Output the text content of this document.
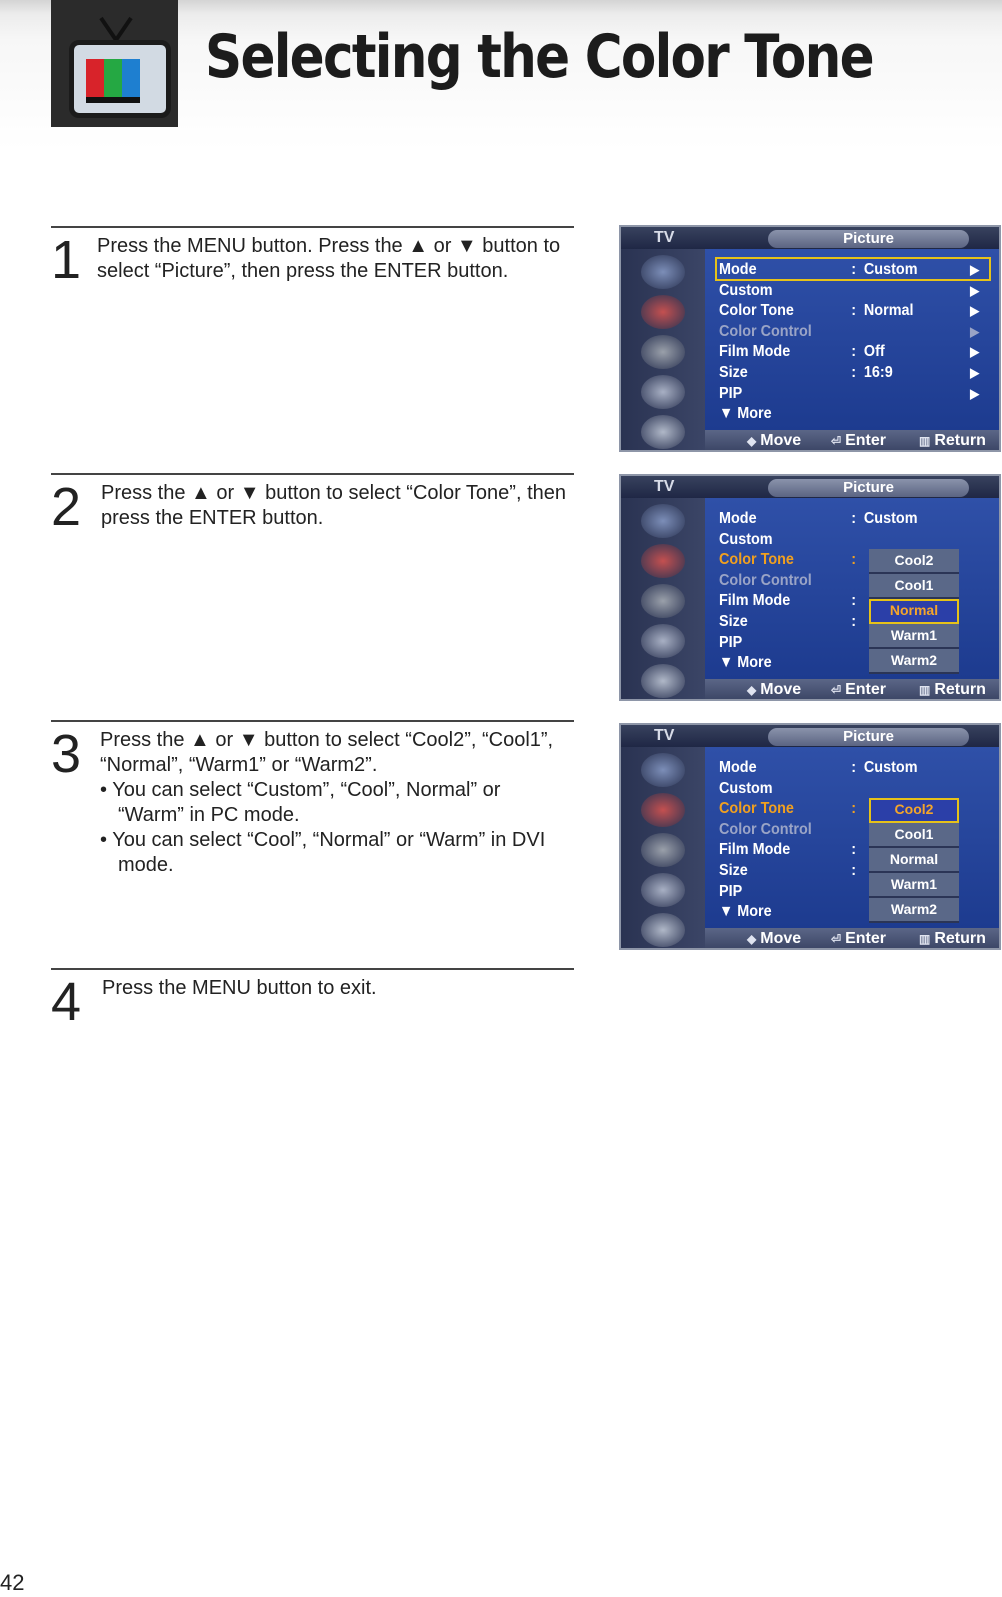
Selecting the Color Tone
1 Press the MENU button. Press the ▲ or ▼ button to

select “Picture”, then press the ENTER button.

2 Press the ▲ or ▼ button to select “Color Tone”, then

press the ENTER button.

3 Press the ▲ or ▼ button to select “Cool2”, “Cool1”,

“Normal”, “Warm1” or “Warm2”.

• You can select “Custom”, “Cool”, Normal” or “Warm” in PC mode.

• You can select “Cool”, “Normal” or “Warm” in DVI mode.

4 Press the MENU button to exit.

TV	Picture
Mode	: Custom	▶
Custom	▶
Color Tone	: Normal	▶
Color Control	▶
Film Mode	: Off	▶
Size	: 16:9	▶
PIP	▶
▼ More
◆ Move ⏎ Enter	▥ Return
TV	Picture
Mode	: Custom
Custom
Color Tone	:
Color Control
Film Mode	:
Size	:
PIP
▼ More
Cool2
Cool1
Normal
Warm1
Warm2
◆ Move ⏎ Enter	▥ Return
TV	Picture
Mode	: Custom
Custom
Color Tone	:
Color Control
Film Mode	:
Size	:
PIP
▼ More
Cool2
Cool1
Normal
Warm1
Warm2
◆ Move ⏎ Enter	▥ Return
42
